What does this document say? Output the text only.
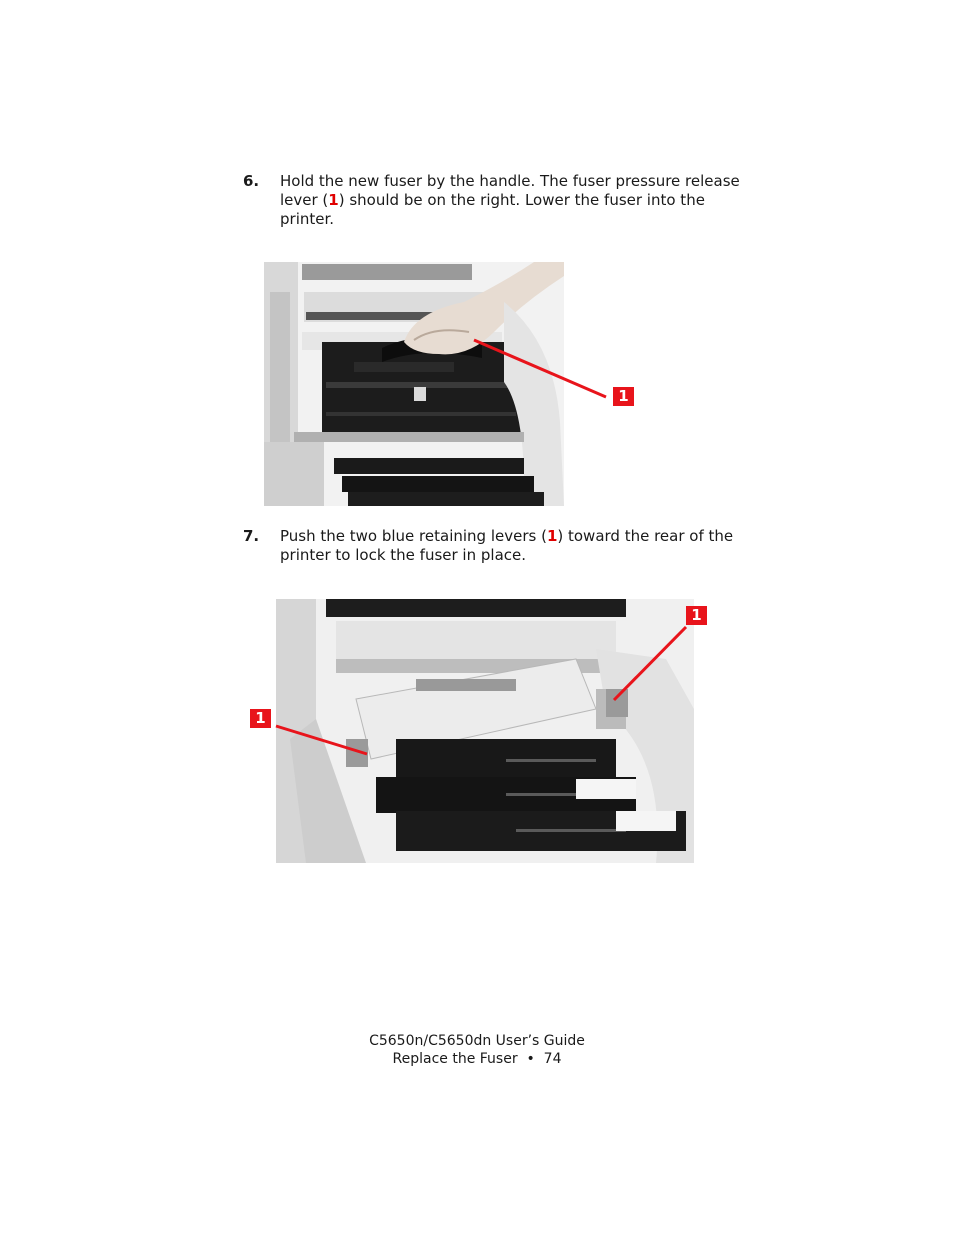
6. Hold the new fuser by the handle. The fuser pressure release lever (1) should be on the right. Lower the fuser into the printer.
1
7. Push the two blue retaining levers (1) toward the rear of the printer to lock the fuser in place.
1
1
C5650n/C5650dn User’s Guide
Replace the Fuser • 74
